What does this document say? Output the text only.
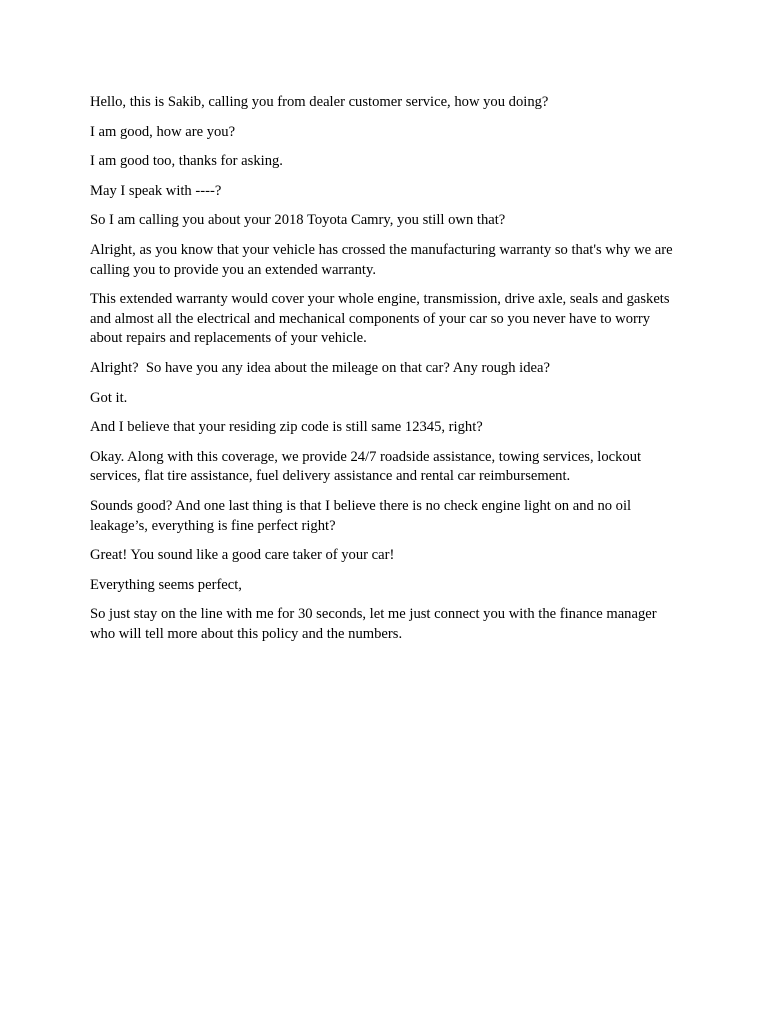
Hello, this is Sakib, calling you from dealer customer service, how you doing?

I am good, how are you?

I am good too, thanks for asking.

May I speak with ----?

So I am calling you about your 2018 Toyota Camry, you still own that?

Alright, as you know that your vehicle has crossed the manufacturing warranty so that's why we are calling you to provide you an extended warranty.

This extended warranty would cover your whole engine, transmission, drive axle, seals and gaskets and almost all the electrical and mechanical components of your car so you never have to worry about repairs and replacements of your vehicle.

Alright?  So have you any idea about the mileage on that car? Any rough idea?

Got it.

And I believe that your residing zip code is still same 12345, right?

Okay. Along with this coverage, we provide 24/7 roadside assistance, towing services, lockout services, flat tire assistance, fuel delivery assistance and rental car reimbursement.

Sounds good? And one last thing is that I believe there is no check engine light on and no oil leakage’s, everything is fine perfect right?

Great! You sound like a good care taker of your car!

Everything seems perfect,

So just stay on the line with me for 30 seconds, let me just connect you with the finance manager who will tell more about this policy and the numbers.
